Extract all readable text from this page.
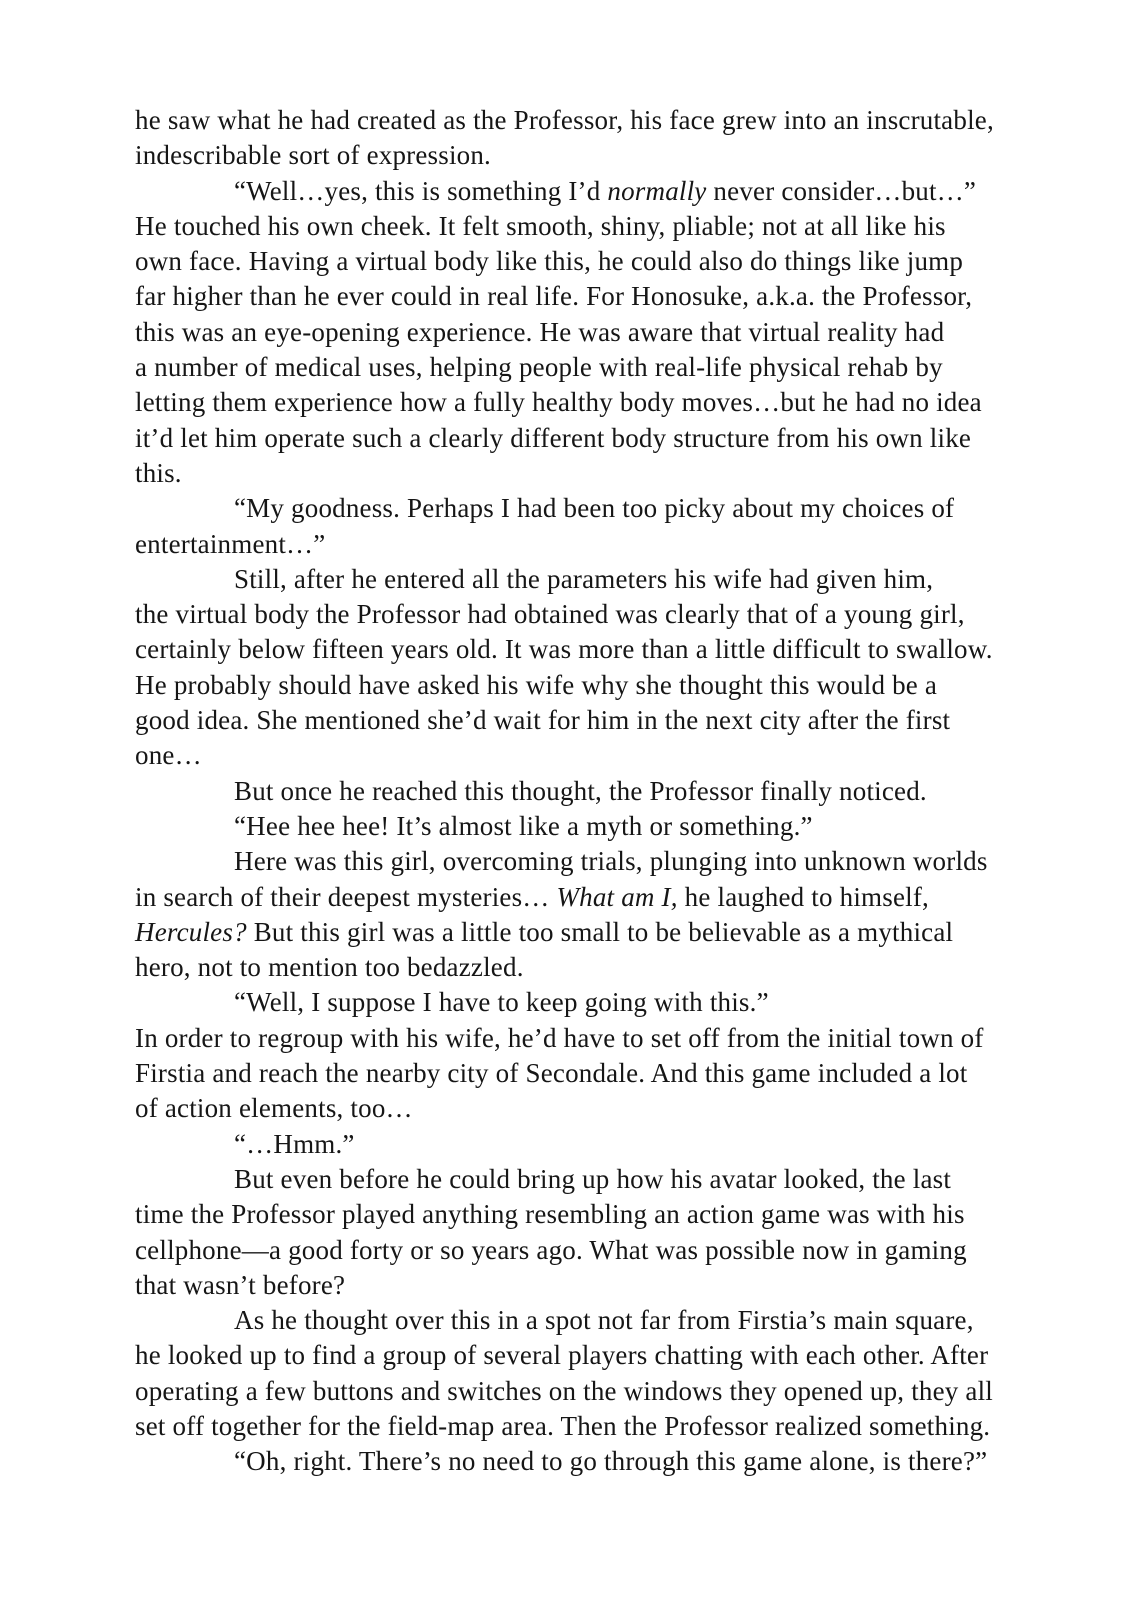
he saw what he had created as the Professor, his face grew into an inscrutable,
indescribable sort of expression.
“Well…yes, this is something I’d normally never consider…but…”
He touched his own cheek. It felt smooth, shiny, pliable; not at all like his
own face. Having a virtual body like this, he could also do things like jump
far higher than he ever could in real life. For Honosuke, a.k.a. the Professor,
this was an eye-opening experience. He was aware that virtual reality had
a number of medical uses, helping people with real-life physical rehab by
letting them experience how a fully healthy body moves…but he had no idea
it’d let him operate such a clearly different body structure from his own like
this.
“My goodness. Perhaps I had been too picky about my choices of
entertainment…”
Still, after he entered all the parameters his wife had given him,
the virtual body the Professor had obtained was clearly that of a young girl,
certainly below fifteen years old. It was more than a little difficult to swallow.
He probably should have asked his wife why she thought this would be a
good idea. She mentioned she’d wait for him in the next city after the first
one…
But once he reached this thought, the Professor finally noticed.
“Hee hee hee! It’s almost like a myth or something.”
Here was this girl, overcoming trials, plunging into unknown worlds
in search of their deepest mysteries… What am I, he laughed to himself,
Hercules? But this girl was a little too small to be believable as a mythical
hero, not to mention too bedazzled.
“Well, I suppose I have to keep going with this.”
In order to regroup with his wife, he’d have to set off from the initial town of
Firstia and reach the nearby city of Secondale. And this game included a lot
of action elements, too…
“…Hmm.”
But even before he could bring up how his avatar looked, the last
time the Professor played anything resembling an action game was with his
cellphone—a good forty or so years ago. What was possible now in gaming
that wasn’t before?
As he thought over this in a spot not far from Firstia’s main square,
he looked up to find a group of several players chatting with each other. After
operating a few buttons and switches on the windows they opened up, they all
set off together for the field-map area. Then the Professor realized something.
“Oh, right. There’s no need to go through this game alone, is there?”
